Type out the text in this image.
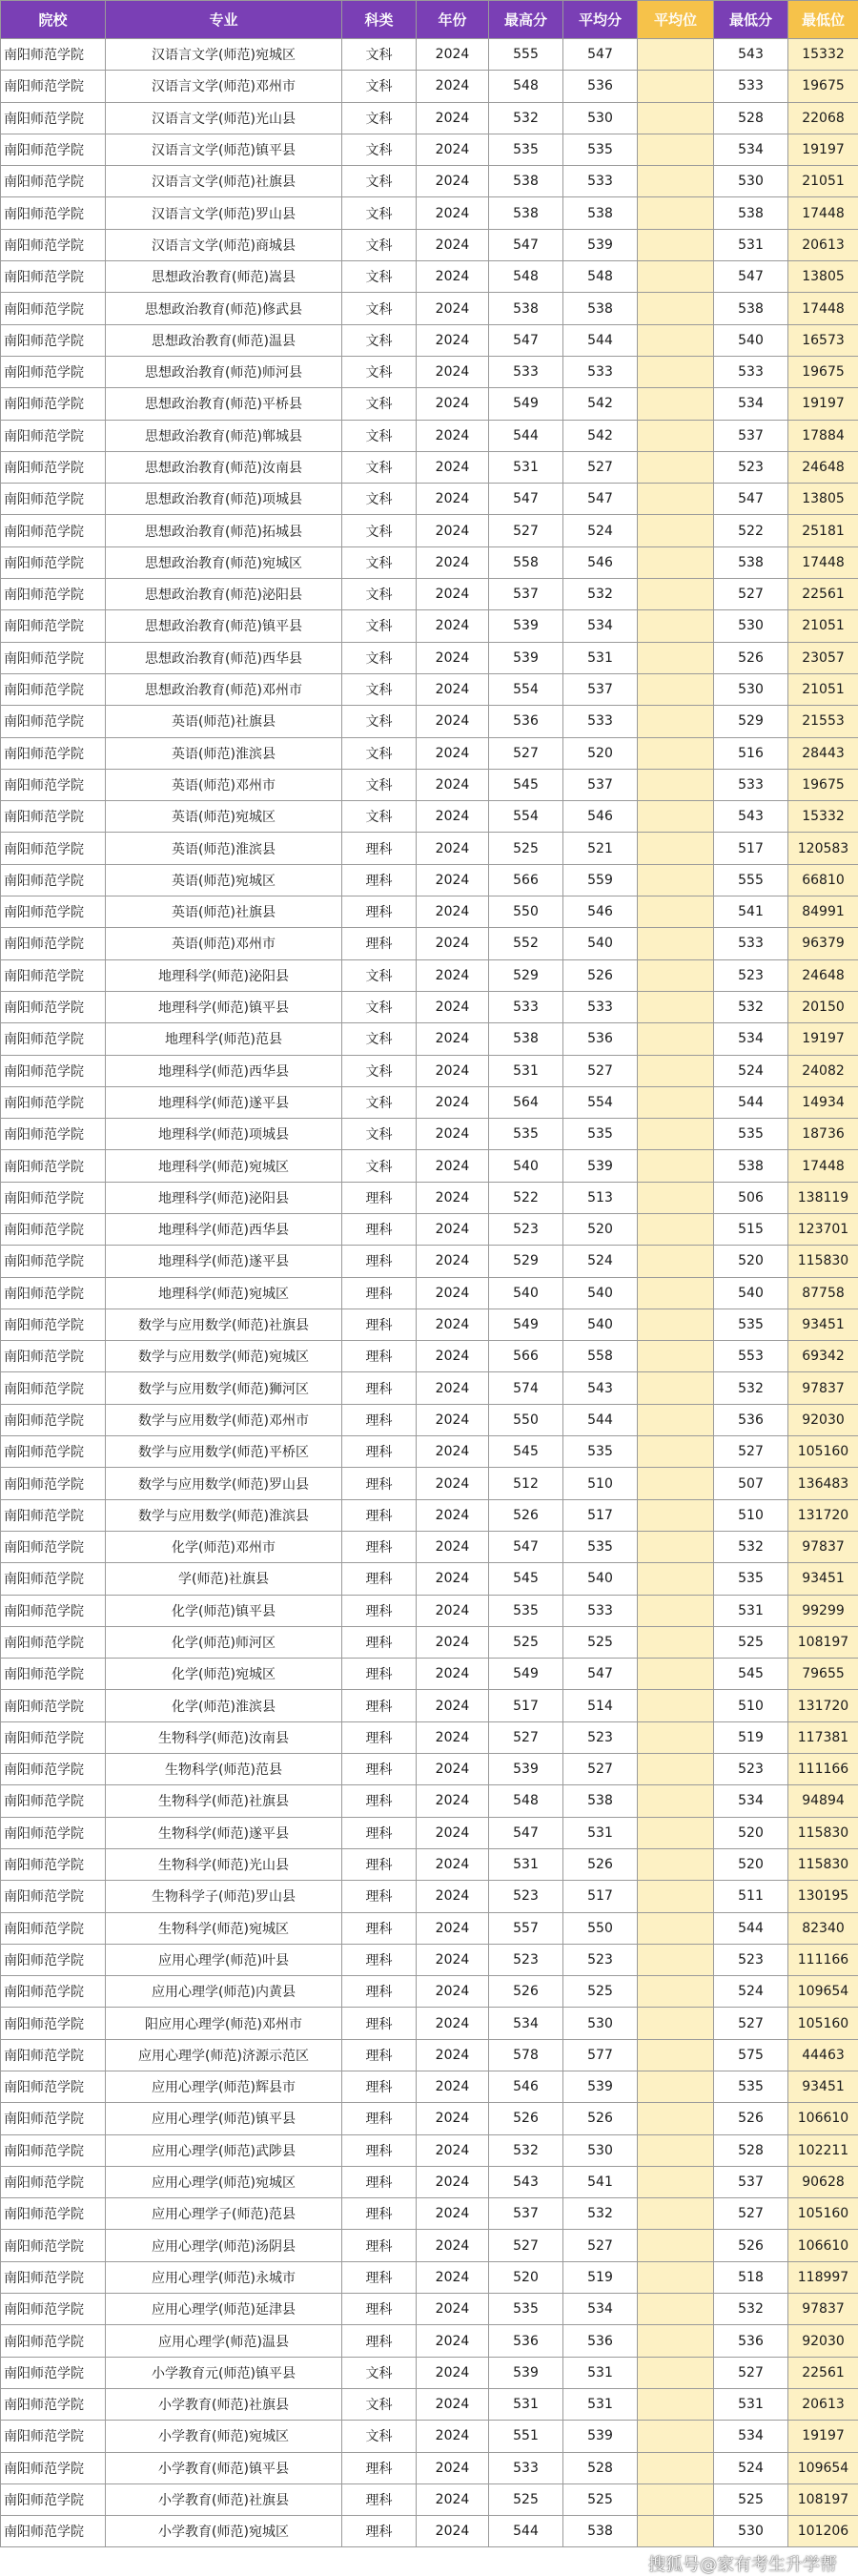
院校	专业	科类	年份	最高分	平均分	平均位	最低分	最低位
南阳师范学院	汉语言文学(师范)宛城区	文科	2024	555	547		543	15332
南阳师范学院	汉语言文学(师范)邓州市	文科	2024	548	536		533	19675
南阳师范学院	汉语言文学(师范)光山县	文科	2024	532	530		528	22068
南阳师范学院	汉语言文学(师范)镇平县	文科	2024	535	535		534	19197
南阳师范学院	汉语言文学(师范)社旗县	文科	2024	538	533		530	21051
南阳师范学院	汉语言文学(师范)罗山县	文科	2024	538	538		538	17448
南阳师范学院	汉语言文学(师范)商城县	文科	2024	547	539		531	20613
南阳师范学院	思想政治教育(师范)嵩县	文科	2024	548	548		547	13805
南阳师范学院	思想政治教育(师范)修武县	文科	2024	538	538		538	17448
南阳师范学院	思想政治教育(师范)温县	文科	2024	547	544		540	16573
南阳师范学院	思想政治教育(师范)师河县	文科	2024	533	533		533	19675
南阳师范学院	思想政治教育(师范)平桥县	文科	2024	549	542		534	19197
南阳师范学院	思想政治教育(师范)郸城县	文科	2024	544	542		537	17884
南阳师范学院	思想政治教育(师范)汝南县	文科	2024	531	527		523	24648
南阳师范学院	思想政治教育(师范)项城县	文科	2024	547	547		547	13805
南阳师范学院	思想政治教育(师范)拓城县	文科	2024	527	524		522	25181
南阳师范学院	思想政治教育(师范)宛城区	文科	2024	558	546		538	17448
南阳师范学院	思想政治教育(师范)泌阳县	文科	2024	537	532		527	22561
南阳师范学院	思想政治教育(师范)镇平县	文科	2024	539	534		530	21051
南阳师范学院	思想政治教育(师范)西华县	文科	2024	539	531		526	23057
南阳师范学院	思想政治教育(师范)邓州市	文科	2024	554	537		530	21051
南阳师范学院	英语(师范)社旗县	文科	2024	536	533		529	21553
南阳师范学院	英语(师范)淮滨县	文科	2024	527	520		516	28443
南阳师范学院	英语(师范)邓州市	文科	2024	545	537		533	19675
南阳师范学院	英语(师范)宛城区	文科	2024	554	546		543	15332
南阳师范学院	英语(师范)淮滨县	理科	2024	525	521		517	120583
南阳师范学院	英语(师范)宛城区	理科	2024	566	559		555	66810
南阳师范学院	英语(师范)社旗县	理科	2024	550	546		541	84991
南阳师范学院	英语(师范)邓州市	理科	2024	552	540		533	96379
南阳师范学院	地理科学(师范)泌阳县	文科	2024	529	526		523	24648
南阳师范学院	地理科学(师范)镇平县	文科	2024	533	533		532	20150
南阳师范学院	地理科学(师范)范县	文科	2024	538	536		534	19197
南阳师范学院	地理科学(师范)西华县	文科	2024	531	527		524	24082
南阳师范学院	地理科学(师范)遂平县	文科	2024	564	554		544	14934
南阳师范学院	地理科学(师范)项城县	文科	2024	535	535		535	18736
南阳师范学院	地理科学(师范)宛城区	文科	2024	540	539		538	17448
南阳师范学院	地理科学(师范)泌阳县	理科	2024	522	513		506	138119
南阳师范学院	地理科学(师范)西华县	理科	2024	523	520		515	123701
南阳师范学院	地理科学(师范)遂平县	理科	2024	529	524		520	115830
南阳师范学院	地理科学(师范)宛城区	理科	2024	540	540		540	87758
南阳师范学院	数学与应用数学(师范)社旗县	理科	2024	549	540		535	93451
南阳师范学院	数学与应用数学(师范)宛城区	理科	2024	566	558		553	69342
南阳师范学院	数学与应用数学(师范)狮河区	理科	2024	574	543		532	97837
南阳师范学院	数学与应用数学(师范)邓州市	理科	2024	550	544		536	92030
南阳师范学院	数学与应用数学(师范)平桥区	理科	2024	545	535		527	105160
南阳师范学院	数学与应用数学(师范)罗山县	理科	2024	512	510		507	136483
南阳师范学院	数学与应用数学(师范)淮滨县	理科	2024	526	517		510	131720
南阳师范学院	化学(师范)邓州市	理科	2024	547	535		532	97837
南阳师范学院	学(师范)社旗县	理科	2024	545	540		535	93451
南阳师范学院	化学(师范)镇平县	理科	2024	535	533		531	99299
南阳师范学院	化学(师范)师河区	理科	2024	525	525		525	108197
南阳师范学院	化学(师范)宛城区	理科	2024	549	547		545	79655
南阳师范学院	化学(师范)淮滨县	理科	2024	517	514		510	131720
南阳师范学院	生物科学(师范)汝南县	理科	2024	527	523		519	117381
南阳师范学院	生物科学(师范)范县	理科	2024	539	527		523	111166
南阳师范学院	生物科学(师范)社旗县	理科	2024	548	538		534	94894
南阳师范学院	生物科学(师范)遂平县	理科	2024	547	531		520	115830
南阳师范学院	生物科学(师范)光山县	理科	2024	531	526		520	115830
南阳师范学院	生物科学子(师范)罗山县	理科	2024	523	517		511	130195
南阳师范学院	生物科学(师范)宛城区	理科	2024	557	550		544	82340
南阳师范学院	应用心理学(师范)叶县	理科	2024	523	523		523	111166
南阳师范学院	应用心理学(师范)内黄县	理科	2024	526	525		524	109654
南阳师范学院	阳应用心理学(师范)邓州市	理科	2024	534	530		527	105160
南阳师范学院	应用心理学(师范)济源示范区	理科	2024	578	577		575	44463
南阳师范学院	应用心理学(师范)辉县市	理科	2024	546	539		535	93451
南阳师范学院	应用心理学(师范)镇平县	理科	2024	526	526		526	106610
南阳师范学院	应用心理学(师范)武陟县	理科	2024	532	530		528	102211
南阳师范学院	应用心理学(师范)宛城区	理科	2024	543	541		537	90628
南阳师范学院	应用心理学子(师范)范县	理科	2024	537	532		527	105160
南阳师范学院	应用心理学(师范)汤阴县	理科	2024	527	527		526	106610
南阳师范学院	应用心理学(师范)永城市	理科	2024	520	519		518	118997
南阳师范学院	应用心理学(师范)延津县	理科	2024	535	534		532	97837
南阳师范学院	应用心理学(师范)温县	理科	2024	536	536		536	92030
南阳师范学院	小学教育元(师范)镇平县	文科	2024	539	531		527	22561
南阳师范学院	小学教育(师范)社旗县	文科	2024	531	531		531	20613
南阳师范学院	小学教育(师范)宛城区	文科	2024	551	539		534	19197
南阳师范学院	小学教育(师范)镇平县	理科	2024	533	528		524	109654
南阳师范学院	小学教育(师范)社旗县	理科	2024	525	525		525	108197
南阳师范学院	小学教育(师范)宛城区	理科	2024	544	538		530	101206
搜狐号@家有考生升学帮
